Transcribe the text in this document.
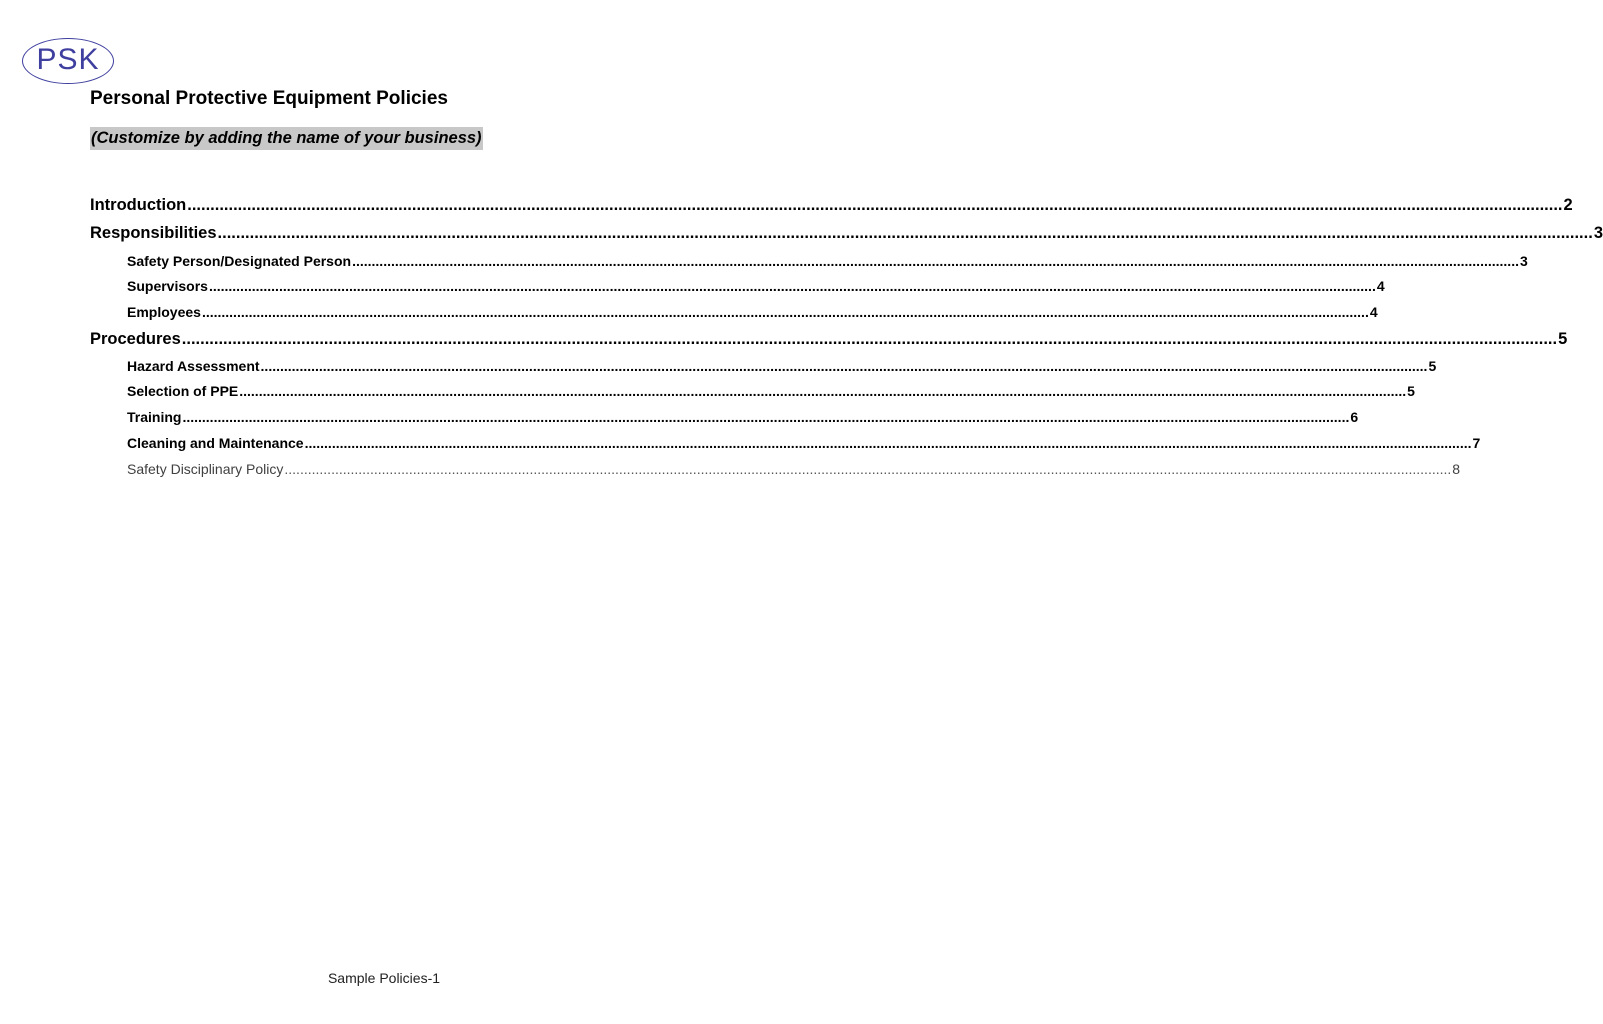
PSK
Personal Protective Equipment Policies
(Customize by adding the name of your business)
Introduction ............................................................................................................................................................................................................................................................................................................ 2
Responsibilities ............................................................................................................................................................................................................................................................................................................ 3
Safety Person/Designated Person ............................................................................................................................................................................................................................................................................................................ 3
Supervisors ............................................................................................................................................................................................................................................................................................................ 4
Employees ............................................................................................................................................................................................................................................................................................................ 4
Procedures ............................................................................................................................................................................................................................................................................................................ 5
Hazard Assessment ............................................................................................................................................................................................................................................................................................................ 5
Selection of PPE ............................................................................................................................................................................................................................................................................................................ 5
Training ............................................................................................................................................................................................................................................................................................................ 6
Cleaning and Maintenance ............................................................................................................................................................................................................................................................................................................ 7
Safety Disciplinary Policy ............................................................................................................................................................................................................................................................................................................ 8
Sample Policies-1
